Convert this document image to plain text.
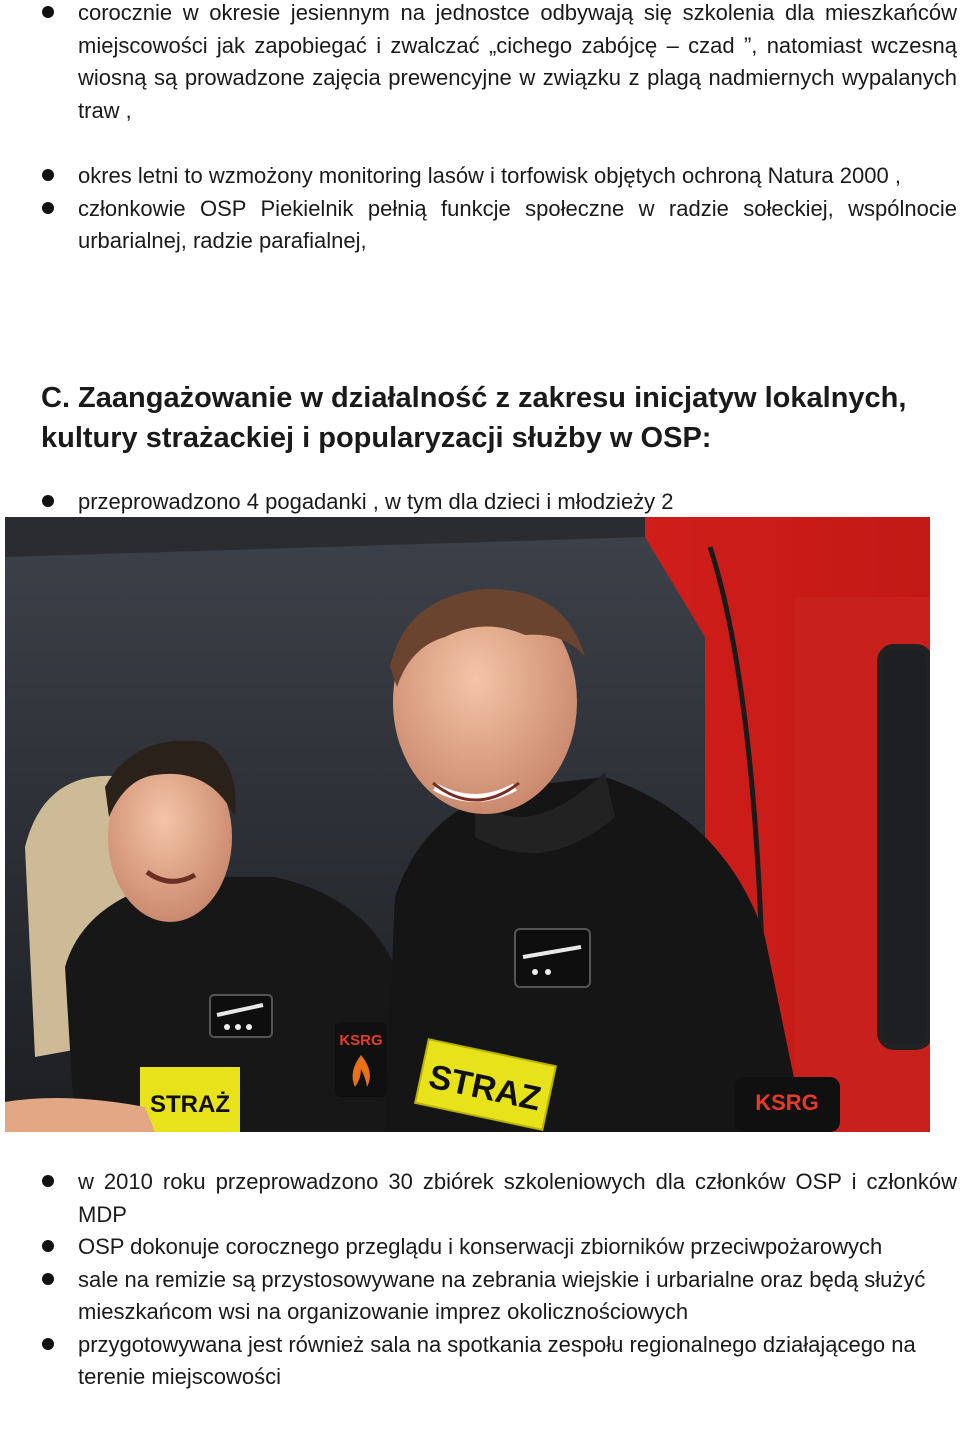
corocznie w okresie jesiennym na jednostce odbywają się szkolenia dla mieszkańców miejscowości jak zapobiegać i zwalczać „cichego zabójcę – czad ”, natomiast wczesną wiosną są prowadzone zajęcia prewencyjne w związku z plagą nadmiernych wypalanych traw ,
okres letni to wzmożony monitoring lasów i torfowisk objętych ochroną Natura 2000 ,
członkowie OSP Piekielnik pełnią funkcje społeczne w radzie sołeckiej, wspólnocie urbarialnej, radzie parafialnej,
C. Zaangażowanie w działalność z zakresu inicjatyw lokalnych, kultury strażackiej i popularyzacji służby w OSP:
przeprowadzono 4 pogadanki , w tym dla dzieci i młodzieży 2
STRAZ
STRAŻ
KSRG
KSRG
w 2010 roku przeprowadzono 30 zbiórek szkoleniowych dla członków OSP i członków MDP
OSP dokonuje corocznego przeglądu i konserwacji zbiorników przeciwpożarowych
sale na remizie są przystosowywane na zebrania wiejskie i urbarialne oraz będą służyć mieszkańcom wsi na organizowanie imprez okolicznościowych
przygotowywana jest również sala na spotkania zespołu regionalnego działającego na terenie miejscowości
